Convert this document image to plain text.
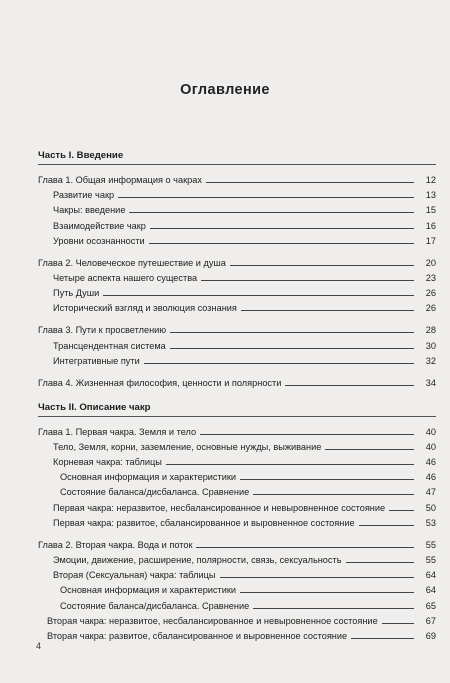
Оглавление
Часть I. Введение
Глава 1. Общая информация о чакрах	12
Развитие чакр	13
Чакры: введение	15
Взаимодействие чакр	16
Уровни осознанности	17
Глава 2. Человеческое путешествие и душа	20
Четыре аспекта нашего существа	23
Путь Души	26
Исторический взгляд и эволюция сознания	26
Глава 3. Пути к просветлению	28
Трансцендентная система	30
Интегративные пути	32
Глава 4. Жизненная философия, ценности и полярности	34
Часть II. Описание чакр
Глава 1. Первая чакра. Земля и тело	40
Тело, Земля, корни, заземление, основные нужды, выживание	40
Корневая чакра: таблицы	46
Основная информация и характеристики	46
Состояние баланса/дисбаланса. Сравнение	47
Первая чакра: неразвитое, несбалансированное и невыровненное состояние	50
Первая чакра: развитое, сбалансированное и выровненное состояние	53
Глава 2. Вторая чакра. Вода и поток	55
Эмоции, движение, расширение, полярности, связь, сексуальность	55
Вторая (Сексуальная) чакра: таблицы	64
Основная информация и характеристики	64
Состояние баланса/дисбаланса. Сравнение	65
Вторая чакра: неразвитое, несбалансированное и невыровненное состояние	67
Вторая чакра: развитое, сбалансированное и выровненное состояние	69
4
